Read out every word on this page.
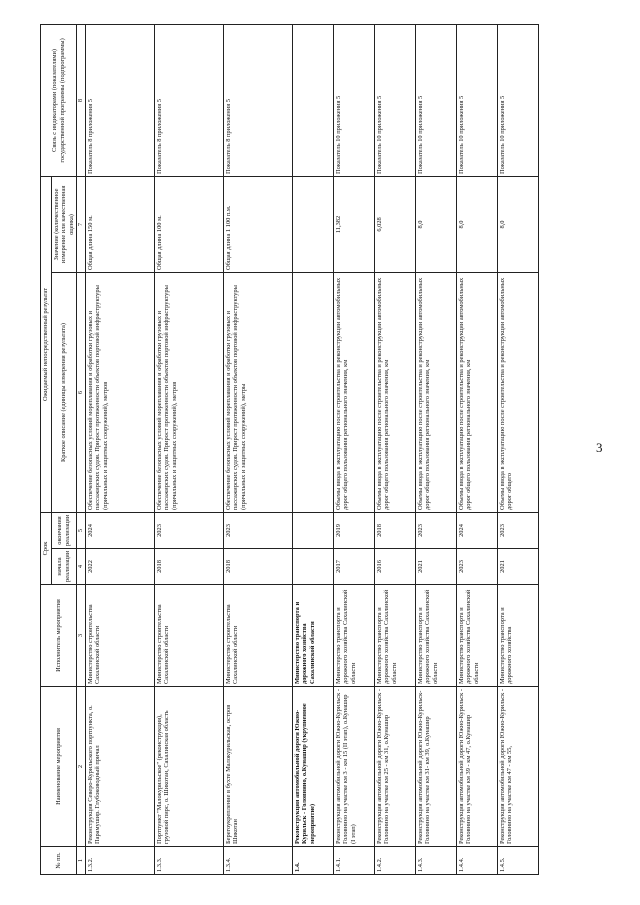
3
№ пп.	Наименование мероприятия	Исполнитель мероприятия	Срок		Ожидаемый непосредственный результат		Связь с индикаторами (показателями) государственной программы (подпрограммы)
			начала реализации	окончания реализации	Краткое описание (единицы измерения результата)	Значение (количественное измерение или качественная оценка)	
1	2	3	4	5	6	7	8
1.3.2.	Реконструкция Северо-Курильского портпункта, о. Парамушир. Глубоководный причал	Министерство строительства Сахалинской области	2022	2024	Обеспечение безопасных условий мореплавания и обработки грузовых и пассажирских судов. Прирост протяженности объектов портовой инфраструктуры (причальных и защитных сооружений), метров	Общая длина 150 м.	Показатель 8 приложения 5
1.3.3.	Портпункт "Малокурильское" (реконструкция), грузовой пирс, о. Шикотан, Сахалинская область	Министерство строительства Сахалинской области	2018	2023	Обеспечение безопасных условий мореплавания и обработки грузовых и пассажирских судов. Прирост протяженности объектов портовой инфраструктуры (причальных и защитных сооружений), метров	Общая длина 100 м.	Показатель 8 приложения 5
1.3.4.	Берегоукрепление в бухте Малокурильская, остров Шикотан	Министерство строительства Сахалинской области	2018	2023	Обеспечение безопасных условий мореплавания и обработки грузовых и пассажирских судов. Прирост протяженности объектов портовой инфраструктуры (причальных и защитных сооружений), метры	Общая длина 1 100 п.м.	Показатель 8 приложения 5
1.4.	Реконструкция автомобильной дороги Южно-Курильск - Головнино, о.Кунашир (укрупненное мероприятие)	Министерство транспорта и дорожного хозяйства Сахалинской области					
1.4.1.	Реконструкция автомобильной дороги Южно-Курильск - Головнино на участке км 3 - км 15 (II этап), о.Кунашир (I этап)	Министерство транспорта и дорожного хозяйства Сахалинской области	2017	2019	Объемы ввода в эксплуатацию после строительства и реконструкции автомобильных дорог общего пользования регионального значения, км	11,382	Показатель 10 приложения 5
1.4.2.	Реконструкция автомобильной дороги Южно-Курильск - Головнино на участке км 25 - км 31, о.Кунашир	Министерство транспорта и дорожного хозяйства Сахалинской области	2016	2018	Объемы ввода в эксплуатацию после строительства и реконструкции автомобильных дорог общего пользования регионального значения, км	6,028	Показатель 10 приложения 5
1.4.3.	Реконструкция автомобильной дороги Южно-Курильск-Головнино на участке км 31- км 39, о.Кунашир	Министерство транспорта и дорожного хозяйства Сахалинской области	2021	2023	Объемы ввода в эксплуатацию после строительства и реконструкции автомобильных дорог общего пользования регионального значения, км	8,0	Показатель 10 приложения 5
1.4.4.	Реконструкция автомобильной дороги Южно-Курильск - Головнино на участке км 39 - км 47, о.Кунашир	Министерство транспорта и дорожного хозяйства Сахалинской области	2023	2024	Объемы ввода в эксплуатацию после строительства и реконструкции автомобильных дорог общего пользования регионального значения, км	8,0	Показатель 10 приложения 5
1.4.5.	Реконструкция автомобильной дороги Южно-Курильск - Головнино на участке км 47 - км 55,	Министерство транспорта и дорожного хозяйства	2021	2023	Объемы ввода в эксплуатацию после строительства и реконструкции автомобильных дорог общего	8,0	Показатель 10 приложения 5
